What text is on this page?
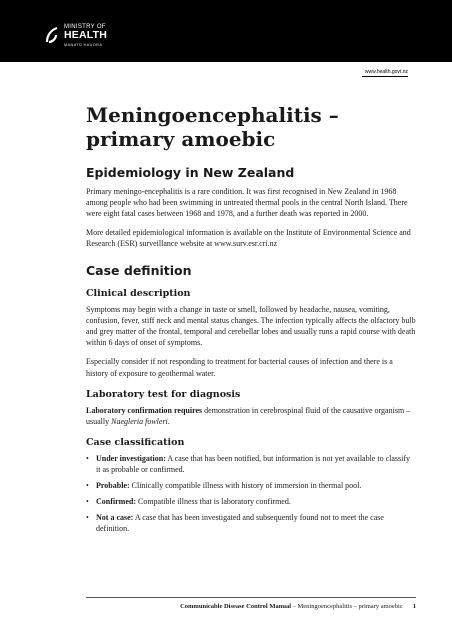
MINISTRY OF
HEALTH
MANATŪ HAUORA
www.health.govt.nz
Meningoencephalitis – primary amoebic
Epidemiology in New Zealand

Primary meningo-encephalitis is a rare condition. It was first recognised in New Zealand in 1968 among people who had been swimming in untreated thermal pools in the central North Island. There were eight fatal cases between 1968 and 1978, and a further death was reported in 2000.

More detailed epidemiological information is available on the Institute of Environmental Science and Research (ESR) surveillance website at www.surv.esr.cri.nz

Case definition
Clinical description

Symptoms may begin with a change in taste or smell, followed by headache, nausea, vomiting, confusion, fever, stiff neck and mental status changes. The infection typically affects the olfactory bulb and grey matter of the frontal, temporal and cerebellar lobes and usually runs a rapid course with death within 6 days of onset of symptoms.

Especially consider if not responding to treatment for bacterial causes of infection and there is a history of exposure to geothermal water.

Laboratory test for diagnosis

Laboratory confirmation requires demonstration in cerebrospinal fluid of the causative organism – usually Naegleria fowleri.

Case classification
• Under investigation: A case that has been notified, but information is not yet available to classify it as probable or confirmed.
• Probable: Clinically compatible illness with history of immersion in thermal pool.
• Confirmed: Compatible illness that is laboratory confirmed.
• Not a case: A case that has been investigated and subsequently found not to meet the case definition.
Communicable Disease Control Manual – Meningoencephalitis – primary amoebic 1
